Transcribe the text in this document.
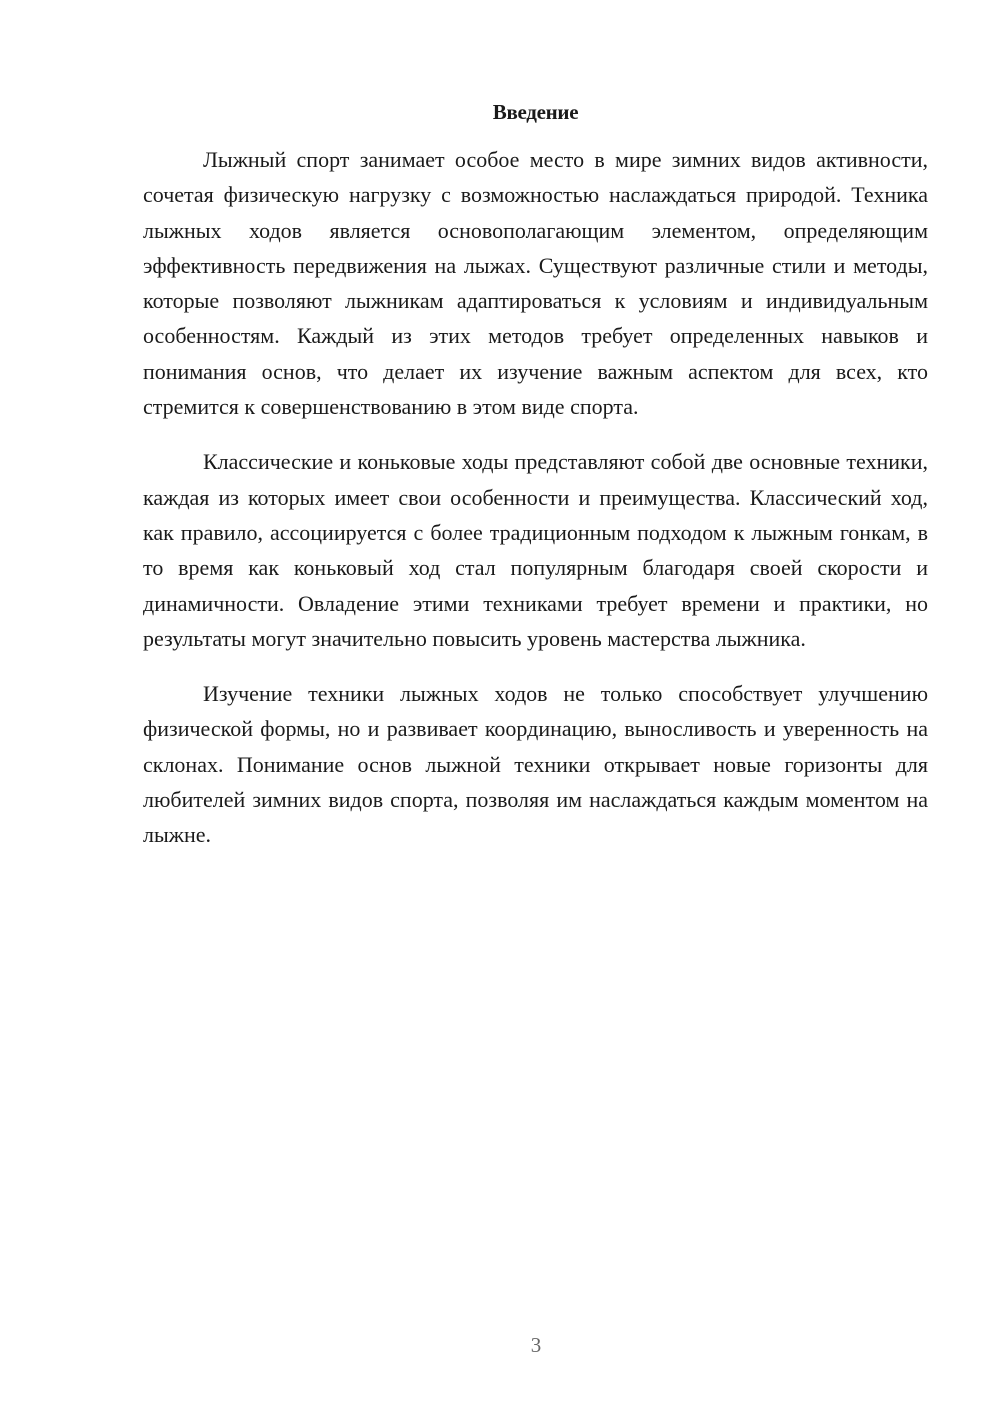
Введение

Лыжный спорт занимает особое место в мире зимних видов активности, сочетая физическую нагрузку с возможностью наслаждаться природой. Техника лыжных ходов является основополагающим элементом, определяющим эффективность передвижения на лыжах. Существуют различные стили и методы, которые позволяют лыжникам адаптироваться к условиям и индивидуальным особенностям. Каждый из этих методов требует определенных навыков и понимания основ, что делает их изучение важным аспектом для всех, кто стремится к совершенствованию в этом виде спорта.

Классические и коньковые ходы представляют собой две основные техники, каждая из которых имеет свои особенности и преимущества. Классический ход, как правило, ассоциируется с более традиционным подходом к лыжным гонкам, в то время как коньковый ход стал популярным благодаря своей скорости и динамичности. Овладение этими техниками требует времени и практики, но результаты могут значительно повысить уровень мастерства лыжника.

Изучение техники лыжных ходов не только способствует улучшению физической формы, но и развивает координацию, выносливость и уверенность на склонах. Понимание основ лыжной техники открывает новые горизонты для любителей зимних видов спорта, позволяя им наслаждаться каждым моментом на лыжне.

3
